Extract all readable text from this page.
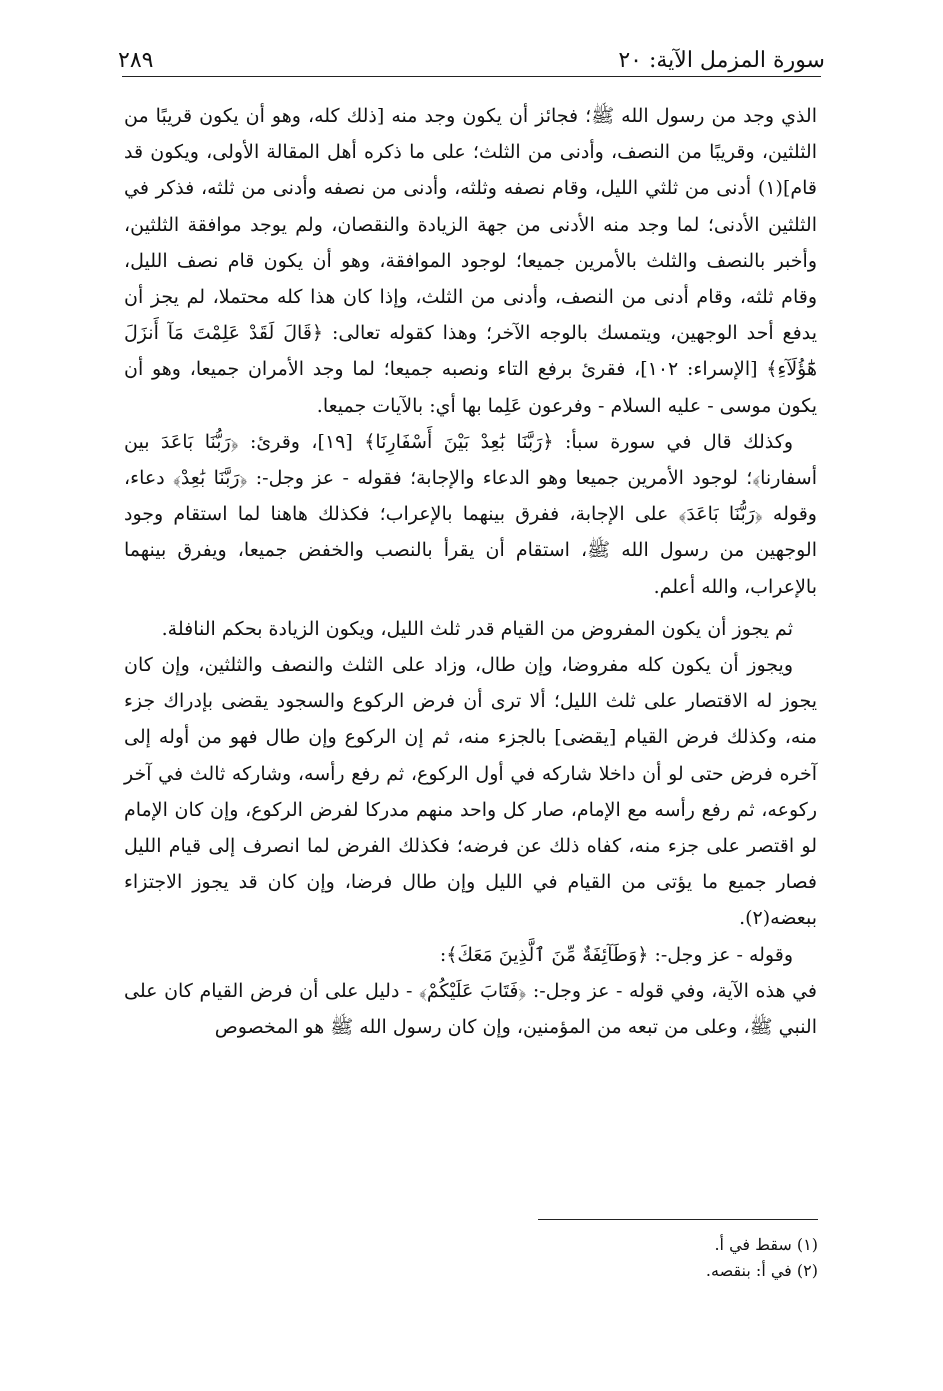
سورة المزمل الآية: ٢٠
٢٨٩

الذي وجد من رسول الله ﷺ؛ فجائز أن يكون وجد منه [ذلك كله، وهو أن يكون قريبًا من الثلثين، وقريبًا من النصف، وأدنى من الثلث؛ على ما ذكره أهل المقالة الأولى، ويكون قد قام](١) أدنى من ثلثي الليل، وقام نصفه وثلثه، وأدنى من نصفه وأدنى من ثلثه، فذكر في الثلثين الأدنى؛ لما وجد منه الأدنى من جهة الزيادة والنقصان، ولم يوجد موافقة الثلثين، وأخبر بالنصف والثلث بالأمرين جميعا؛ لوجود الموافقة، وهو أن يكون قام نصف الليل، وقام ثلثه، وقام أدنى من النصف، وأدنى من الثلث، وإذا كان هذا كله محتملا، لم يجز أن يدفع أحد الوجهين، ويتمسك بالوجه الآخر؛ وهذا كقوله تعالى: ﴿قَالَ لَقَدْ عَلِمْتَ مَآ أَنزَلَ هَٰٓؤُلَآءِ﴾ [الإسراء: ١٠٢]، فقرئ برفع التاء ونصبه جميعا؛ لما وجد الأمران جميعا، وهو أن يكون موسى - عليه السلام - وفرعون عَلِما بها أي: بالآيات جميعا.

وكذلك قال في سورة سبأ: ﴿رَبَّنَا بَٰعِدْ بَيْنَ أَسْفَارِنَا﴾ [١٩]، وقرئ: ﴿رَبُّنَا بَاعَدَ بين أسفارنا﴾؛ لوجود الأمرين جميعا وهو الدعاء والإجابة؛ فقوله - عز وجل-: ﴿رَبَّنَا بَٰعِدْ﴾ دعاء، وقوله ﴿رَبُّنَا بَاعَدَ﴾ على الإجابة، ففرق بينهما بالإعراب؛ فكذلك هاهنا لما استقام وجود الوجهين من رسول الله ﷺ، استقام أن يقرأ بالنصب والخفض جميعا، ويفرق بينهما بالإعراب، والله أعلم.

ثم يجوز أن يكون المفروض من القيام قدر ثلث الليل، ويكون الزيادة بحكم النافلة.

ويجوز أن يكون كله مفروضا، وإن طال، وزاد على الثلث والنصف والثلثين، وإن كان يجوز له الاقتصار على ثلث الليل؛ ألا ترى أن فرض الركوع والسجود يقضى بإدراك جزء منه، وكذلك فرض القيام [يقضى] بالجزء منه، ثم إن الركوع وإن طال فهو من أوله إلى آخره فرض حتى لو أن داخلا شاركه في أول الركوع، ثم رفع رأسه، وشاركه ثالث في آخر ركوعه، ثم رفع رأسه مع الإمام، صار كل واحد منهم مدركا لفرض الركوع، وإن كان الإمام لو اقتصر على جزء منه، كفاه ذلك عن فرضه؛ فكذلك الفرض لما انصرف إلى قيام الليل فصار جميع ما يؤتى من القيام في الليل وإن طال فرضا، وإن كان قد يجوز الاجتزاء ببعضه(٢).

وقوله - عز وجل-: ﴿وَطَآئِفَةٌ مِّنَ ٱلَّذِينَ مَعَكَ﴾:

في هذه الآية، وفي قوله - عز وجل-: ﴿فَتَابَ عَلَيْكُمْ﴾ - دليل على أن فرض القيام كان على النبي ﷺ، وعلى من تبعه من المؤمنين، وإن كان رسول الله ﷺ هو المخصوص

(١) سقط في أ.
(٢) في أ: بنقصه.
